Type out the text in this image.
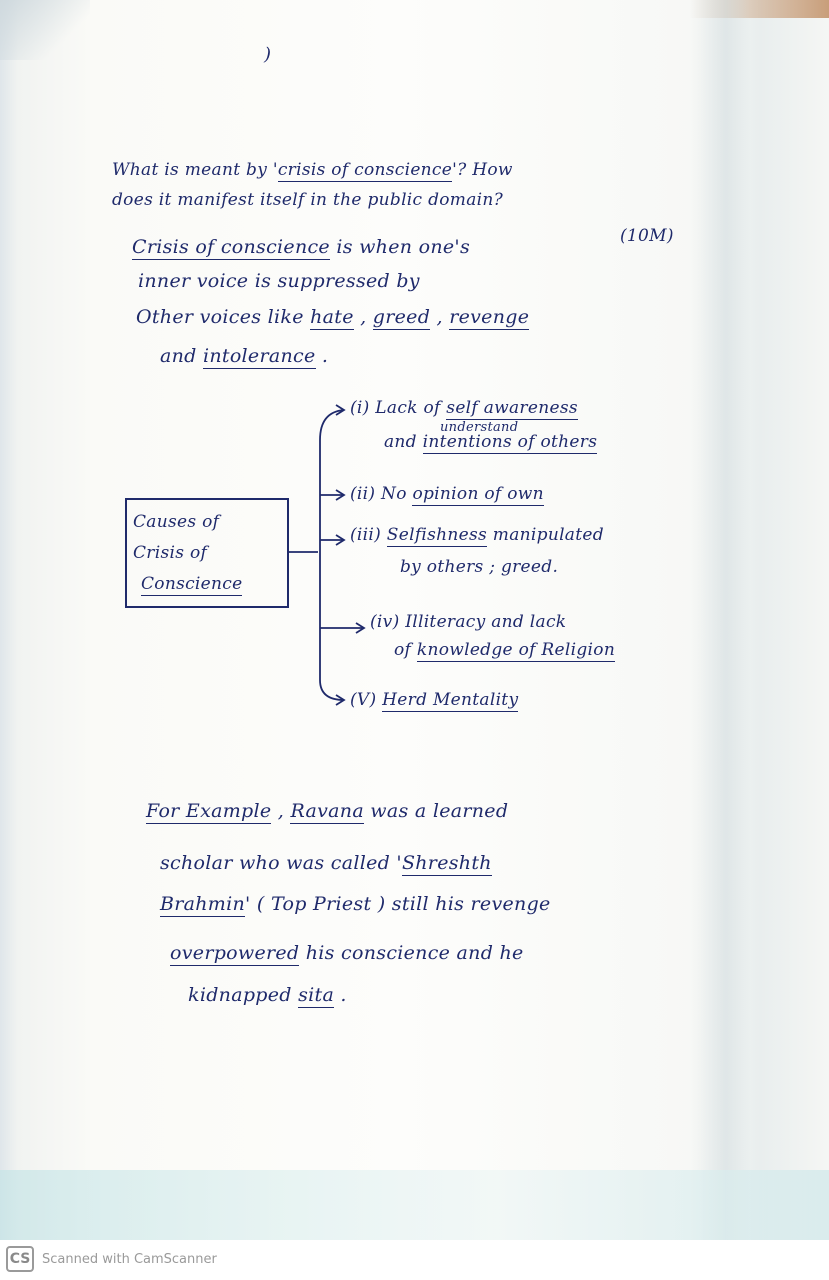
)
What is meant by 'crisis of conscience'? How
does it manifest itself in the public domain?
(10M)
Crisis of conscience is when one's
inner voice is suppressed by
Other voices like hate , greed , revenge
and intolerance .
Causes of
Crisis of
Conscience
(i) Lack of self awareness
understand
and intentions of others
(ii) No opinion of own
(iii) Selfishness manipulated
by others ; greed.
(iv) Illiteracy and lack
of knowledge of Religion
(V) Herd Mentality
For Example , Ravana was a learned
scholar who was called 'Shreshth
Brahmin' ( Top Priest ) still his revenge
overpowered his conscience and he
kidnapped sita .
CS Scanned with CamScanner
